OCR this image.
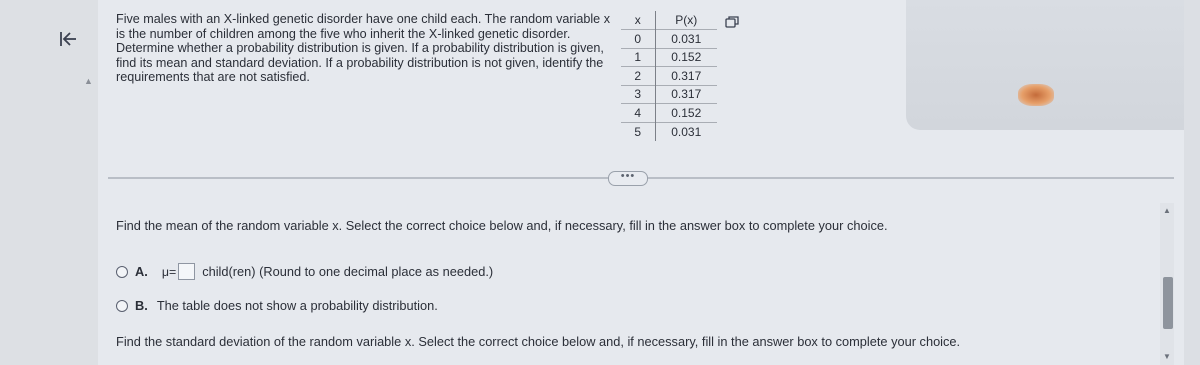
▲
Five males with an X-linked genetic disorder have one child each. The random variable x is the number of children among the five who inherit the X-linked genetic disorder. Determine whether a probability distribution is given. If a probability distribution is given, find its mean and standard deviation. If a probability distribution is not given, identify the requirements that are not satisfied.
x	P(x)
0	0.031
1	0.152
2	0.317
3	0.317
4	0.152
5	0.031
•••
Find the mean of the random variable x. Select the correct choice below and, if necessary, fill in the answer box to complete your choice.
A. μ= child(ren) (Round to one decimal place as needed.)
B. The table does not show a probability distribution.
Find the standard deviation of the random variable x. Select the correct choice below and, if necessary, fill in the answer box to complete your choice.
▲
▼
